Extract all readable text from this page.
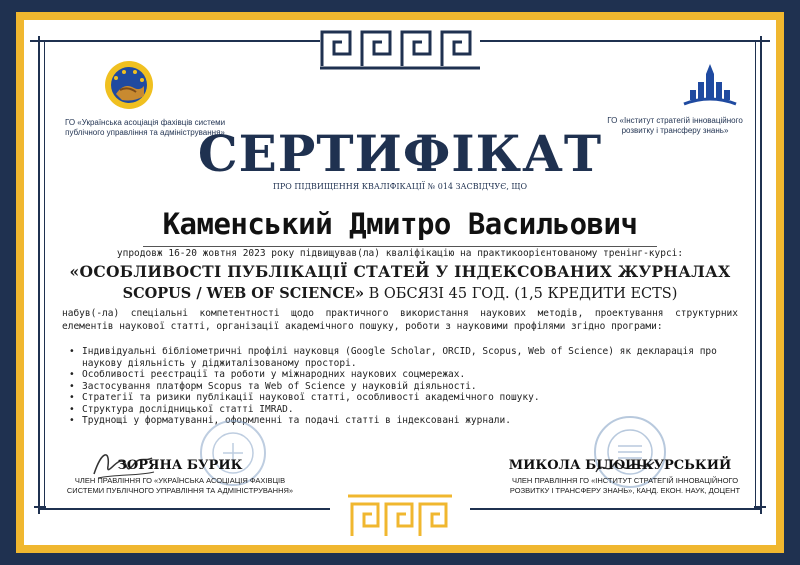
ГО «Українська асоціація фахівців системи публічного управління та адміністрування»
ГО «Інститут стратегій інноваційного розвитку і трансферу знань»
СЕРТИФІКАТ
ПРО ПІДВИЩЕННЯ КВАЛІФІКАЦІЇ № 014 ЗАСВІДЧУЄ, ЩО
Каменський Дмитро Васильович
упродовж 16-20 жовтня 2023 року підвищував(ла) кваліфікацію на практикоорієнтованому тренінг-курсі:
«ОСОБЛИВОСТІ ПУБЛІКАЦІЇ СТАТЕЙ У ІНДЕКСОВАНИХ ЖУРНАЛАХ
SCOPUS / WEB OF SCIENCE» В ОБСЯЗІ 45 ГОД. (1,5 КРЕДИТИ ECTS)
набув(-ла) спеціальні компетентності щодо практичного використання наукових методів, проектування структурних елементів наукової статті, організації академічного пошуку, роботи з науковими профілями згідно програми:
• Індивідуальні бібліометричні профілі науковця (Google Scholar, ORCID, Scopus, Web of Science) як декларація про наукову діяльність у діджиталізованому просторі.
• Особливості реєстрації та роботи у міжнародних наукових соцмережах.
• Застосування платформ Scopus та Web of Science у науковій діяльності.
• Стратегії та ризики публікації наукової статті, особливості академічного пошуку.
• Структура дослідницької статті IMRAD.
• Труднощі у форматуванні, оформленні та подачі статті в індексовані журнали.
ЗОРЯНА БУРИК
ЧЛЕН ПРАВЛІННЯ ГО «УКРАЇНСЬКА АСОЦІАЦІЯ ФАХІВЦІВ СИСТЕМИ ПУБЛІЧНОГО УПРАВЛІННЯ ТА АДМІНІСТРУВАННЯ»
МИКОЛА БІЛОШКУРСЬКИЙ
ЧЛЕН ПРАВЛІННЯ ГО «ІНСТИТУТ СТРАТЕГІЙ ІННОВАЦІЙНОГО РОЗВИТКУ І ТРАНСФЕРУ ЗНАНЬ», КАНД. ЕКОН. НАУК, ДОЦЕНТ
